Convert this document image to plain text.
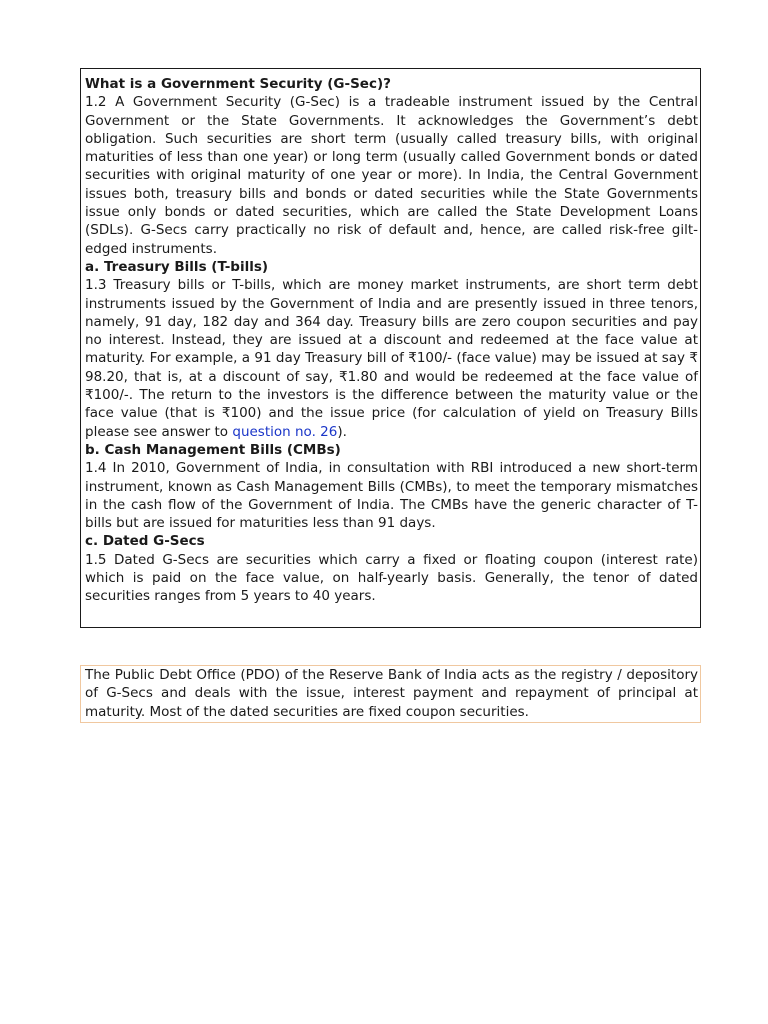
What is a Government Security (G-Sec)?

1.2 A Government Security (G-Sec) is a tradeable instrument issued by the Central Government or the State Governments. It acknowledges the Government’s debt obligation. Such securities are short term (usually called treasury bills, with original maturities of less than one year) or long term (usually called Government bonds or dated securities with original maturity of one year or more). In India, the Central Government issues both, treasury bills and bonds or dated securities while the State Governments issue only bonds or dated securities, which are called the State Development Loans (SDLs). G-Secs carry practically no risk of default and, hence, are called risk-free gilt-edged instruments.

a. Treasury Bills (T-bills)

1.3 Treasury bills or T-bills, which are money market instruments, are short term debt instruments issued by the Government of India and are presently issued in three tenors, namely, 91 day, 182 day and 364 day. Treasury bills are zero coupon securities and pay no interest. Instead, they are issued at a discount and redeemed at the face value at maturity. For example, a 91 day Treasury bill of ₹100/- (face value) may be issued at say ₹ 98.20, that is, at a discount of say, ₹1.80 and would be redeemed at the face value of ₹100/-. The return to the investors is the difference between the maturity value or the face value (that is ₹100) and the issue price (for calculation of yield on Treasury Bills please see answer to question no. 26).

b. Cash Management Bills (CMBs)

1.4 In 2010, Government of India, in consultation with RBI introduced a new short-term instrument, known as Cash Management Bills (CMBs), to meet the temporary mismatches in the cash flow of the Government of India. The CMBs have the generic character of T-bills but are issued for maturities less than 91 days.

c. Dated G-Secs

1.5 Dated G-Secs are securities which carry a fixed or floating coupon (interest rate) which is paid on the face value, on half-yearly basis. Generally, the tenor of dated securities ranges from 5 years to 40 years.

The Public Debt Office (PDO) of the Reserve Bank of India acts as the registry / depository of G-Secs and deals with the issue, interest payment and repayment of principal at maturity. Most of the dated securities are fixed coupon securities.
